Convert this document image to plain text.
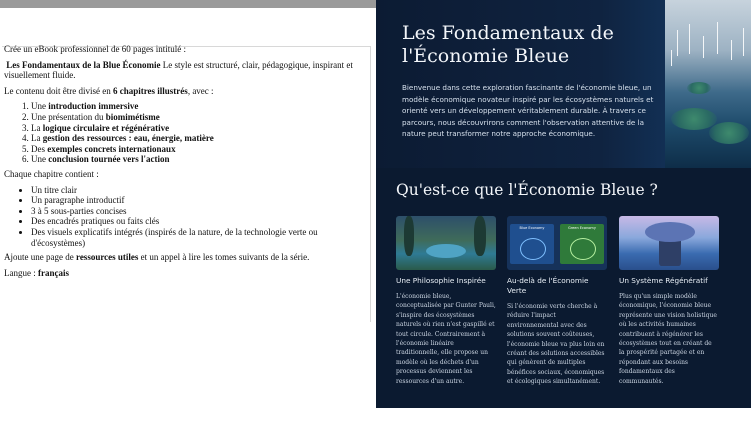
Crée un eBook professionnel de 60 pages intitulé :

Les Fondamentaux de la Blue Économie Le style est structuré, clair, pédagogique, inspirant et visuellement fluide.

Le contenu doit être divisé en 6 chapitres illustrés, avec :

1. Une introduction immersive
2. Une présentation du biomimétisme
3. La logique circulaire et régénérative
4. La gestion des ressources : eau, énergie, matière
5. Des exemples concrets internationaux
6. Une conclusion tournée vers l'action

Chaque chapitre contient :

• Un titre clair
• Un paragraphe introductif
• 3 à 5 sous-parties concises
• Des encadrés pratiques ou faits clés
• Des visuels explicatifs intégrés (inspirés de la nature, de la technologie verte ou d'écosystèmes)

Ajoute une page de ressources utiles et un appel à lire les tomes suivants de la série.

Langue : français

Les Fondamentaux de l'Économie Bleue

Bienvenue dans cette exploration fascinante de l'économie bleue, un modèle économique novateur inspiré par les écosystèmes naturels et orienté vers un développement véritablement durable. À travers ce parcours, nous découvrirons comment l'observation attentive de la nature peut transformer notre approche économique.

Qu'est-ce que l'Économie Bleue ?

Une Philosophie Inspirée

L'économie bleue, conceptualisée par Gunter Pauli, s'inspire des écosystèmes naturels où rien n'est gaspillé et tout circule. Contrairement à l'économie linéaire traditionnelle, elle propose un modèle où les déchets d'un processus deviennent les ressources d'un autre.

Blue Economy	Green Economy

Au-delà de l'Économie Verte

Si l'économie verte cherche à réduire l'impact environnemental avec des solutions souvent coûteuses, l'économie bleue va plus loin en créant des solutions accessibles qui génèrent de multiples bénéfices sociaux, économiques et écologiques simultanément.

Un Système Régénératif

Plus qu'un simple modèle économique, l'économie bleue représente une vision holistique où les activités humaines contribuent à régénérer les écosystèmes tout en créant de la prospérité partagée et en répondant aux besoins fondamentaux des communautés.
